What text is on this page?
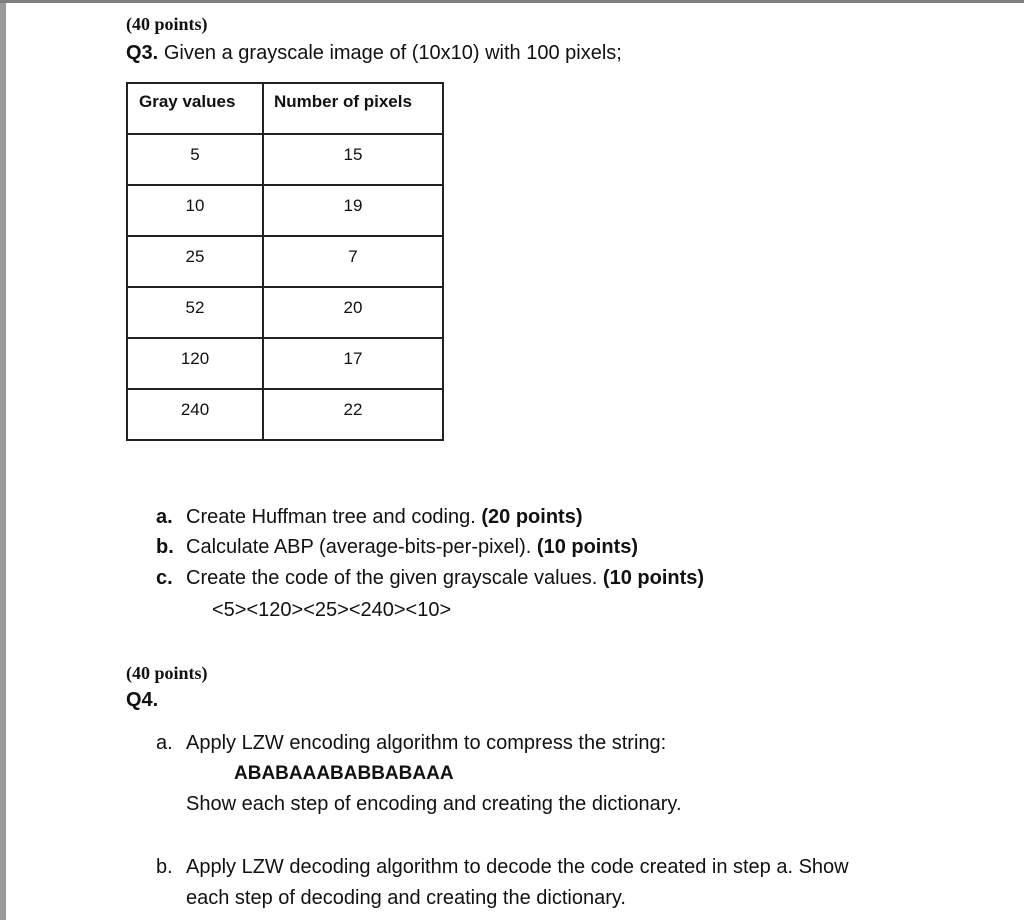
(40 points)
Q3. Given a grayscale image of (10x10) with 100 pixels;
Gray values	Number of pixels
5	15
10	19
25	7
52	20
120	17
240	22
a. Create Huffman tree and coding. (20 points)
b. Calculate ABP (average-bits-per-pixel). (10 points)
c. Create the code of the given grayscale values. (10 points)
<5><120><25><240><10>
(40 points)
Q4.
a. Apply LZW encoding algorithm to compress the string:
ABABAAABABBABAAA
Show each step of encoding and creating the dictionary.
b. Apply LZW decoding algorithm to decode the code created in step a. Show
each step of decoding and creating the dictionary.
